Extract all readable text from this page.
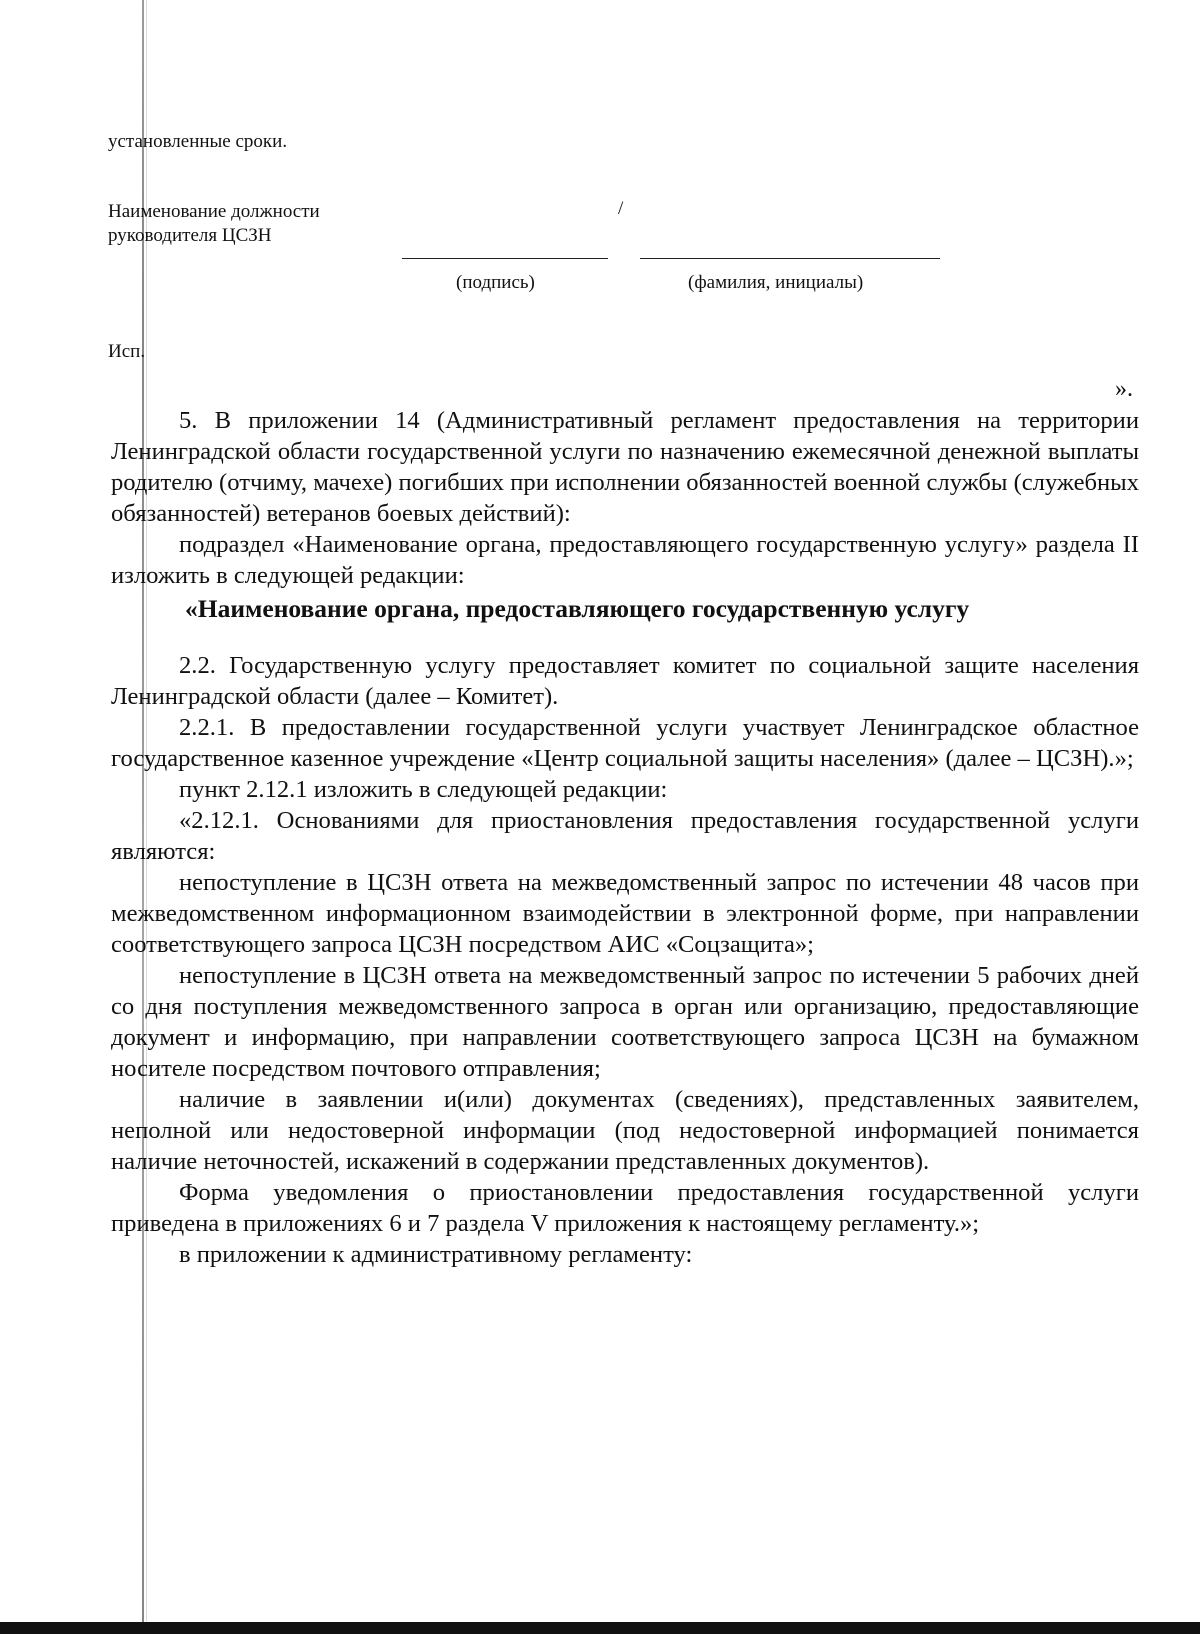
установленные сроки.
Наименование должности
руководителя ЦСЗН
/
(подпись)	(фамилия, инициалы)
Исп.
».

5. В приложении 14 (Административный регламент предоставления на территории Ленинградской области государственной услуги по назначению ежемесячной денежной выплаты родителю (отчиму, мачехе) погибших при исполнении обязанностей военной службы (служебных обязанностей) ветеранов боевых действий):

подраздел «Наименование органа, предоставляющего государственную услугу» раздела II изложить в следующей редакции:

«Наименование органа, предоставляющего государственную услугу

2.2. Государственную услугу предоставляет комитет по социальной защите населения Ленинградской области (далее – Комитет).

2.2.1. В предоставлении государственной услуги участвует Ленинградское областное государственное казенное учреждение «Центр социальной защиты населения» (далее – ЦСЗН).»;

пункт 2.12.1 изложить в следующей редакции:

«2.12.1. Основаниями для приостановления предоставления государственной услуги являются:

непоступление в ЦСЗН ответа на межведомственный запрос по истечении 48 часов при межведомственном информационном взаимодействии в электронной форме, при направлении соответствующего запроса ЦСЗН посредством АИС «Соцзащита»;

непоступление в ЦСЗН ответа на межведомственный запрос по истечении 5 рабочих дней со дня поступления межведомственного запроса в орган или организацию, предоставляющие документ и информацию, при направлении соответствующего запроса ЦСЗН на бумажном носителе посредством почтового отправления;

наличие в заявлении и(или) документах (сведениях), представленных заявителем, неполной или недостоверной информации (под недостоверной информацией понимается наличие неточностей, искажений в содержании представленных документов).

Форма уведомления о приостановлении предоставления государственной услуги приведена в приложениях 6 и 7 раздела V приложения к настоящему регламенту.»;

в приложении к административному регламенту:
